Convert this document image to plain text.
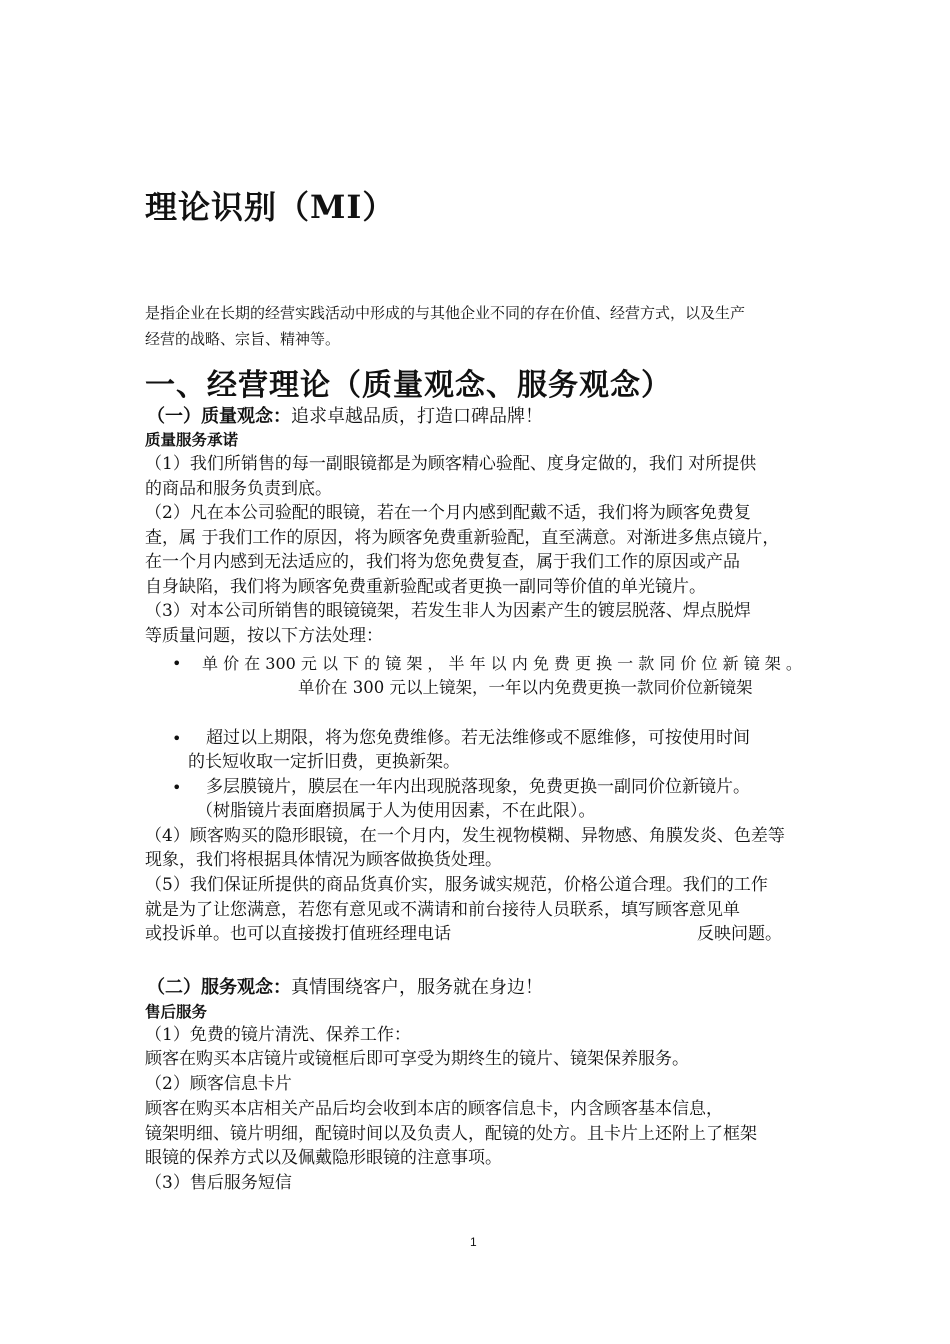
理论识别（MI）
是指企业在长期的经营实践活动中形成的与其他企业不同的存在价值、经营方式，以及生产
经营的战略、宗旨、精神等。
一、经营理论（质量观念、服务观念）
（一）质量观念：追求卓越品质，打造口碑品牌！
质量服务承诺
（1）我们所销售的每一副眼镜都是为顾客精心验配、度身定做的，我们 对所提供
的商品和服务负责到底。
（2）凡在本公司验配的眼镜，若在一个月内感到配戴不适，我们将为顾客免费复
查，属 于我们工作的原因，将为顾客免费重新验配，直至满意。对渐进多焦点镜片，
在一个月内感到无法适应的，我们将为您免费复查，属于我们工作的原因或产品
自身缺陷，我们将为顾客免费重新验配或者更换一副同等价值的单光镜片。
（3）对本公司所销售的眼镜镜架，若发生非人为因素产生的镀层脱落、焊点脱焊
等质量问题，按以下方法处理：
• 单 价 在 300 元 以 下 的 镜 架 ， 半 年 以 内 免 费 更 换 一 款 同 价 位 新 镜 架 。
单价在 300 元以上镜架，一年以内免费更换一款同价位新镜架
• 超过以上期限，将为您免费维修。若无法维修或不愿维修，可按使用时间
的长短收取一定折旧费，更换新架。
• 多层膜镜片，膜层在一年内出现脱落现象，免费更换一副同价位新镜片。
（树脂镜片表面磨损属于人为使用因素，不在此限）。
（4）顾客购买的隐形眼镜，在一个月内，发生视物模糊、异物感、角膜发炎、色差等
现象，我们将根据具体情况为顾客做换货处理。
（5）我们保证所提供的商品货真价实，服务诚实规范，价格公道合理。我们的工作
就是为了让您满意，若您有意见或不满请和前台接待人员联系，填写顾客意见单
或投诉单。也可以直接拨打值班经理电话	反映问题。
（二）服务观念：真情围绕客户，服务就在身边！
售后服务
（1）免费的镜片清洗、保养工作：
顾客在购买本店镜片或镜框后即可享受为期终生的镜片、镜架保养服务。
（2）顾客信息卡片
顾客在购买本店相关产品后均会收到本店的顾客信息卡，内含顾客基本信息，
镜架明细、镜片明细，配镜时间以及负责人，配镜的处方。且卡片上还附上了框架
眼镜的保养方式以及佩戴隐形眼镜的注意事项。
（3）售后服务短信
1
